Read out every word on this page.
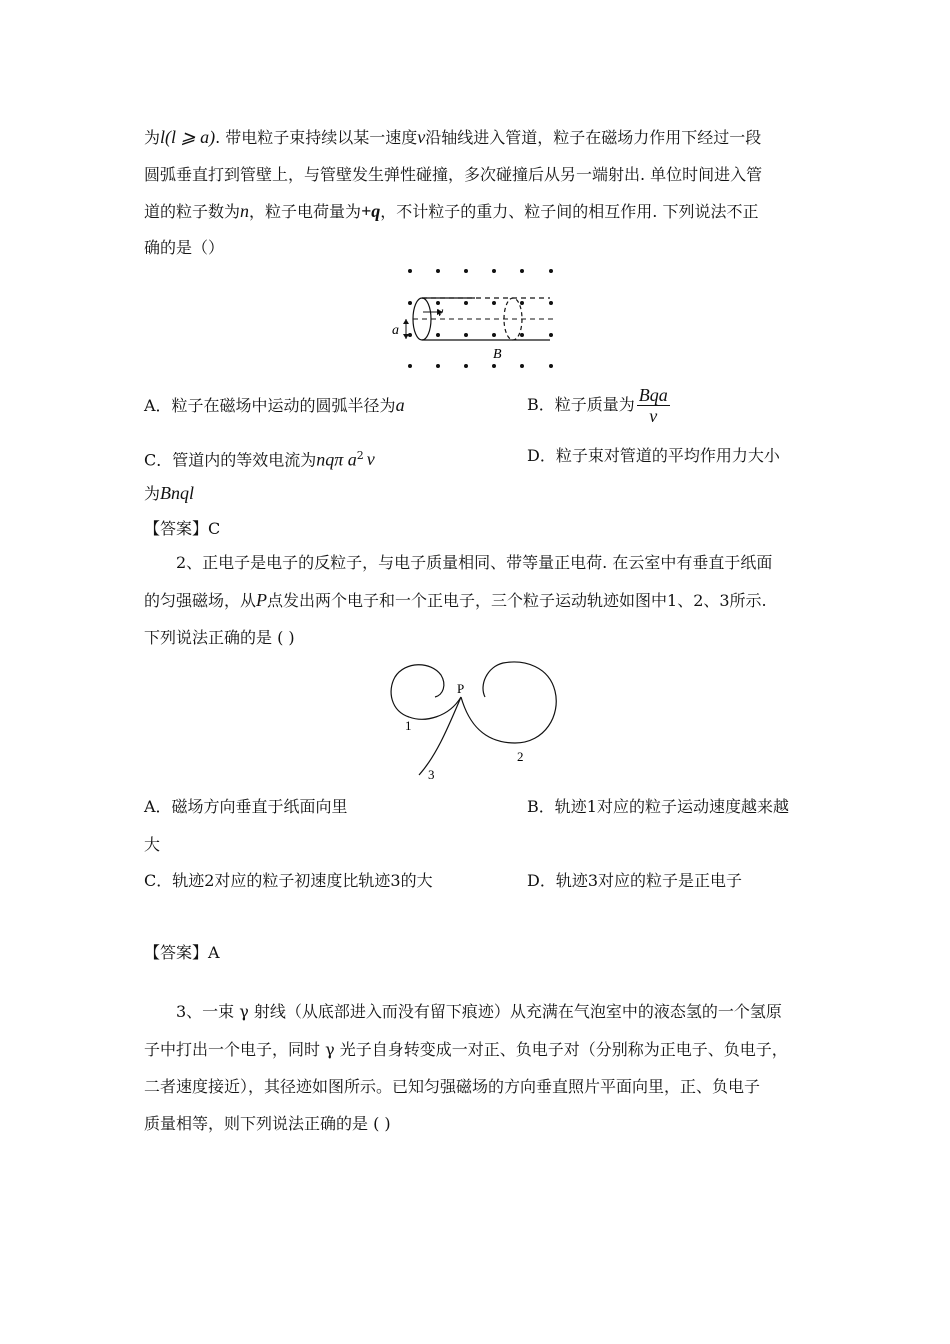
为l(l ⩾ a). 带电粒子束持续以某一速度v沿轴线进入管道，粒子在磁场力作用下经过一段
圆弧垂直打到管壁上，与管壁发生弹性碰撞，多次碰撞后从另一端射出. 单位时间进入管
道的粒子数为n，粒子电荷量为+q，不计粒子的重力、粒子间的相互作用. 下列说法不正
确的是（）
v
a
B
A．粒子在磁场中运动的圆弧半径为a	B．粒子质量为 $\frac{\text{Bqa}}{v}$
C．管道内的等效电流为nqπ $a^2$ v	D．粒子束对管道的平均作用力大小
为Bnql
【答案】C
2、正电子是电子的反粒子，与电子质量相同、带等量正电荷. 在云室中有垂直于纸面
的匀强磁场，从P点发出两个电子和一个正电子，三个粒子运动轨迹如图中1、2、3所示.
下列说法正确的是 ( )
P
1
2
3
A．磁场方向垂直于纸面向里	B．轨迹1对应的粒子运动速度越来越
大
C．轨迹2对应的粒子初速度比轨迹3的大	D．轨迹3对应的粒子是正电子
【答案】A
3、一束 γ 射线（从底部进入而没有留下痕迹）从充满在气泡室中的液态氢的一个氢原
子中打出一个电子，同时 γ 光子自身转变成一对正、负电子对（分别称为正电子、负电子，
二者速度接近），其径迹如图所示。已知匀强磁场的方向垂直照片平面向里，正、负电子
质量相等，则下列说法正确的是 ( )
